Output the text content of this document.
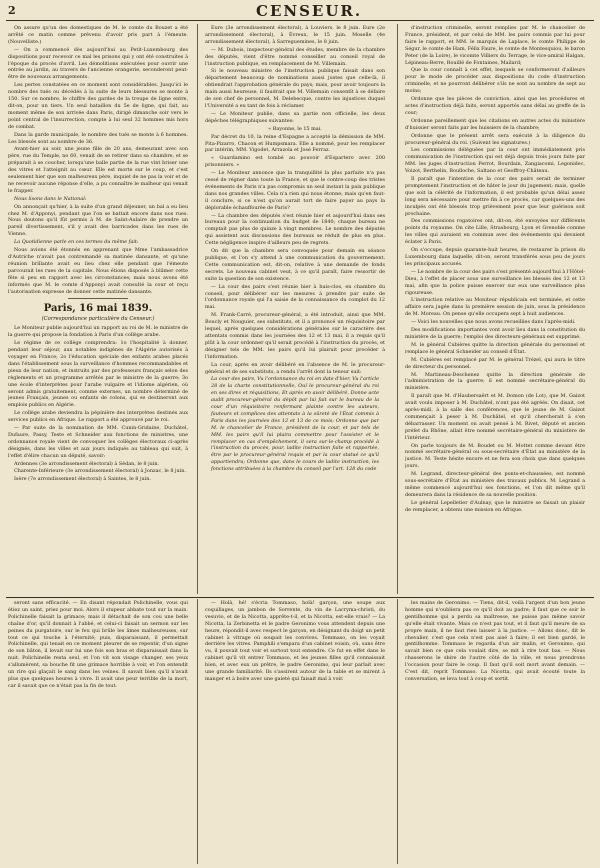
2	CENSEUR.

On assure qu'un des domestiques de M. le comte du Bouzet a été arrêté ce matin comme prévenu d'avoir pris part à l'émeute. (Nouvelliste.)

— On a commencé dès aujourd'hui au Petit-Luxembourg des dispositions pour recevoir ce mal les prisons qui y ont été construites à l'époque du procès d'avril. Les démolitions exécutées pour ouvrir une entrée au jardin, au travers de l'ancienne orangerie, seconderont peut-être de nouveaux arrangements.

Les pertes constatées en ce moment sont considérables. Jusqu'ici le nombre des tués ou décédés à la suite de leurs blessures se monte à 150. Sur ce nombre, le chiffre des gardes de la troupe de ligne entre, dit-on, pour un tiers. Un seul bataillon du 5e de ligne, qui fait, au moment même de son arrivée dans Paris, dirigé dimanche soir vers le point central de l'insurrection, compte à lui seul 32 hommes mis hors de combat.

Dans la garde municipale, le nombre des tués se monte à 6 hommes. Les blessés sont au nombre de 36.

Avant-hier au soir, une jeune fille de 20 ans, demeurant avec son père, rue du Temple, no 60, venait de se retirer dans sa chambre, et se préparait à se coucher, lorsqu'une balle partie de la rue vint briser une des vitres et l'atteignit au cœur. Elle est morte sur le coup, et c'est seulement hier que son malheureux père, inquiet de ne pas la voir et de ne recevoir aucune réponse d'elle, a pu connaître le malheur qui venait le frapper.

Nous lisons dans le National:

On annonçait qu'hier, à la suite d'un grand déjeuner, un bal a eu lieu chez M. d'Apponyi, pendant que l'on se battait encore dans nos rues. Nous doutons qu'il fût permis à M. de Saint-Aulaire de prendre un pareil divertissement, s'il y avait des barricades dans les rues de Vienne.

La Quotidienne parle en ces termes du même fait:

Nous avions été étonnés en apprenant que Mme l'ambassadrice d'Autriche n'avait pas contremandé sa matinée dansante, et qu'une réunion brillante avait eu lieu chez elle pendant que l'émeute parcourait les rues de la capitale. Nous étions disposés à blâmer cette fête si peu en rapport avec les circonstances; mais nous avons été informés que M. le comte d'Apponyi avait consulté la cour et reçu l'autorisation expresse de donner cette matinée dansante.

Paris, 16 mai 1839.
(Correspondance particulière du Censeur.)

Le Moniteur publie aujourd'hui un rapport au roi de M. le ministre de la guerre qui propose la fondation à Paris d'un collège arabe.

Le régime de ce collège comprendra: 1o l'hospitalité à donner, pendant leur séjour, aux notables indigènes de l'Algérie autorisés à voyager en France; 2o l'éducation spéciale des enfants arabes placés dans l'établissement sous la surveillance d'hommes recommandables et pieux de leur nation, et instruits par des professeurs français selon des règlements et un programme arrêtés par le ministre de la guerre; 3o une école d'interprètes pour l'arabe vulgaire et l'idiome algérien, où seront admis gratuitement, comme externes, un nombre déterminé de jeunes Français, jeunes ou enfants de colons, qui se destineront aux emplois publics en Algérie.

Le collège arabe deviendra la pépinière des interprètes destinés aux services publics en Afrique. Le rapport a été approuvé par le roi.

— Par suite de la nomination de MM. Cunin-Gridaine, Duchâtel, Dufaure, Passy, Teste et Schneider aux fonctions de ministres, une ordonnance royale vient de convoquer les collèges électoraux ci-après désignés, dans les villes et aux jours indiqués au tableau qui suit, à l'effet d'élire chacun un député, savoir:

Ardennes (3e arrondissement électoral) à Sédan, le 8 juin.

Charente-Inférieure (3e arrondissement électoral) à Jonzac, le 8 juin.

Isère (7e arrondissement électoral) à Saintes, le 8 juin.

Eure (3e arrondissement électoral), à Louviers, le 8 juin. Eure (2e arrondissement électoral), à Évreux, le 15 juin. Moselle (4e arrondissement électoral), à Sarreguemines, le 8 juin.

— M. Dubois, inspecteur-général des études, membre de la chambre des députés, vient d'être nommé conseiller au conseil royal de l'instruction publique, en remplacement de M. Villemain.

Si le nouveau ministre de l'instruction publique faisait dans son département beaucoup de nominations aussi justes que celle-là, il obtiendrait l'approbation générale du pays; mais, pour avoir toujours la main aussi heureuse, il faudrait que M. Villemain consentît à se défaire de son chef de personnel, M. Delebecque, contre les injustices duquel l'Université a eu tant de fois à réclamer.

— Le Moniteur publie, dans sa partie non officielle, les deux dépêches télégraphiques suivantes:

« Bayonne, le 15 mai.

Par décret du 10, la reine d'Espagne a accepté la démission de MM. Pita-Pizarro, Chacon et Humpsmara. Elle a nommé, pour les remplacer par intérim, MM. Vigodet, Arrazola et José Ferraz.

« Guardamino est tombé au pouvoir d'Espartero avec 200 prisonniers. »

— Le Moniteur annonce que la tranquillité la plus parfaite n'a pas cessé de régner dans toute la France, et que le contre-coup des tristes événements de Paris n'a pas compromis un seul instant la paix publique dans nos grandes villes. Cela n'a rien qui nous étonne; mais qu'en faut-il conclure, si ce n'est qu'on aurait tort de faire payer au pays la déplorable échauffourée de Paris?

— La chambre des députés s'est réunie hier et aujourd'hui dans ses bureaux pour la continuation du budget de 1840; chaque bureau ne comptait pas plus de quinze à vingt membres. Le nombre des députés qui assistent aux discussions des bureaux se réduit de plus en plus. Cette négligence inspire d'ailleurs peu de regrets.

On dit que la chambre sera convoquée pour demain en séance publique, et l'on s'y attend à une communication du gouvernement. Cette communication est, dit-on, relative à une demande de fonds secrets. Le nouveau cabinet veut, à ce qu'il paraît, faire ressortir de suite la question de son existence.

— La cour des pairs s'est réunie hier à huis-clos, en chambre du conseil, pour délibérer sur les mesures à prendre par suite de l'ordonnance royale qui l'a saisie de la connaissance du complot du 12 mai.

M. Frank-Carré, procureur-général, a été introduit, ainsi que MM. Boucly et Nouguier, ses substituts, et il a prononcé un réquisitoire par lequel, après quelques considérations générales sur le caractère des attentats commis dans les journées des 12 et 13 mai, il a requis qu'il plût à la cour ordonner qu'il serait procédé à l'instruction du procès, et désigner tels de MM. les pairs qu'il lui plairait pour procéder à l'information.

La cour, après en avoir délibéré en l'absence de M. le procureur-général et de ses substituts, a rendu l'arrêt dont la teneur suit:

La cour des pairs, Vu l'ordonnance du roi en date d'hier, Vu l'article 28 de la charte constitutionnelle, Ouï le procureur-général du roi en ses dires et réquisitions, Et après en avoir délibéré, Donne acte audit procureur-général du dépôt par lui fait sur le bureau de la cour d'un réquisitoire renfermant plainte contre les auteurs, fauteurs et complices des attentats à la sûreté de l'État commis à Paris dans les journées des 12 et 13 de ce mois; Ordonne que par M. le chancelier de France, président de la cour, et par tels de MM. les pairs qu'il lui plaira commettre pour l'assister et le remplacer en cas d'empêchement, il sera sur-le-champ procédé à l'instruction du procès, pour, ladite instruction faite et rapportée, être par le procureur-général requis et par la cour statué ce qu'il appartiendra; Ordonne que, dans le cours de ladite instruction, les fonctions attribuées à la chambre du conseil par l'art. 128 du code

d'instruction criminelle, seront remplies par M. le chancelier de France, président, et par celui de MM. les pairs commis par lui pour faire le rapport, et MM. le marquis de Laplace, le comte Philippe de Ségur, le comte de Ham, Félix Faure, le comte de Montesquiou, le baron Peter (de la Loire), le vicomte Villiers du Terrage, le vice-amiral Halgan, Lépineau-Berre, Rouillé de Fontaines, Mailard;

Que la cour connaît à cet effet, lesquels se conformeront d'ailleurs pour le mode de procéder aux dispositions du code d'instruction criminelle, et ne pourront délibérer s'ils ne sont au nombre de sept au moins;

Ordonne que les pièces de conviction, ainsi que les procédures et actes d'instruction déjà faits, seront apportés sans délai au greffe de la cour;

Ordonne pareillement que les citations en autres actes du ministère d'huissier seront faits par les huissiers de la chambre;

Ordonne que le présent arrêt sera exécuté à la diligence du procureur-général du roi. (Suivent les signatures.)

Les commissions déléguées par la cour ont immédiatement pris communication de l'instruction qui est déjà depuis trois jours faite par MM. les juges d'instruction Perrot, Bourdain, Zangiacomi, Legonidec, Voizot, Berthelin, Boulloche, Saltano et Geoffroy-Château.

Il paraît que l'intention de la cour des pairs serait de terminer promptement l'instruction et de hâter le jour du jugement; mais, quelle que soit la célérité de l'information, il est probable qu'un délai assez long sera nécessaire pour mettre fin à ce procès, car quelques-uns des inculpés ont été blessés trop grièvement pour que leur guérison soit prochaine.

Des commissions rogatoires ont, dit-on, été envoyées sur différents points du royaume. On cite Lille, Strasbourg, Lyon et Grenoble comme les villes qui auraient en commun avec des événements qui devaient éclater à Paris.

On s'occupe, depuis quarante-huit heures, de restaurer la prison du Luxembourg dans laquelle, dit-on, seront transférés sous peu de jours les principaux accusés.

— Le nombre de la cour des pairs s'est présenté aujourd'hui à l'Hôtel-Dieu, à l'effet de placer sous une surveillance les blessés des 12 et 13 mai, afin que la police puisse exercer sur eux une surveillance plus rigoureuse.

L'instruction relative au Moniteur républicain est terminée, et cette affaire sera jugée dans la première session de juin, sous la présidence de M. Moreau. On pense qu'elle occupera sept à huit audiences.

— Voici les nouvelles que nous avons recueillies dans l'après-midi.

Des modifications importantes vont avoir lieu dans la constitution du ministère de la guerre; l'emploi des directeurs-généraux est supprimé.

M. le général Cubières quitte la direction générale du personnel et remplace le général Schneider au conseil d'État.

M. Cubières est remplacé par M. le général Trézel, qui aura le titre de directeur du personnel.

M. Martineau-Deschenez quitte la direction générale de l'administration de la guerre; il est nommé secrétaire-général du ministère.

Il paraît que M. d'Haubersaërt et M. Domon (de Lot), que M. Gaizot avait voulu imposer à M. Duchâtel, n'ont pas été agréés. On disait, cet après-midi, à la salle des conférences, que le jeune de M. Gaizot commençait à peser à M. Duchâtel, et qu'il chercherait à s'en débarrasser. Un moment on avait pensé à M. Rivet, député et ancien préfet du Rhône, allait être nommé secrétaire-général du ministère de l'intérieur.

On parle toujours de M. Boudet ou M. Mottet comme devant être nommé secrétaire-général ou sous-secrétaire d'État au ministère de la justice. M. Teste hésite encore et ne fera son choix que dans quelques jours.

M. Legrand, directeur-général des ponts-et-chaussées, est nommé sous-secrétaire d'État au ministère des travaux publics. M. Legrand a même commencé aujourd'hui ses fonctions, et l'on dit même qu'il demeurera dans la résidence de sa nouvelle position.

Le général Lepelletier d'Aulnay, que le ministre se faisait un plaisir de remplacer, a obtenu une mission en Afrique.

seront sans efficacité. — En disant répondait Polichinelle, vous qui étiez un saint, priez pour moi. Alors il stupeur abbate tout sur la main. Polichinelle faisait la grimace; mais il détachait de son cou une belle chaîne d'or, qu'il donnait à l'abbé, et celui-ci faisait un sermon sur les peines du purgatoire, sur le feu qui brûle les âmes malheureuses, sur tout ce qui touche à l'éternité; puis, disparaissant, il permettait Polichinelle, qui tenait en ce moment pleurer de se repentir, d'un signe de son bâton, il levait sur lui une fois son bras et disparaissait dans la nuit. Polichinelle resta seul, et l'on vit son visage changer, ses yeux s'allumèrent, sa bouche fit une grimace horrible à voir, et l'on entendit un rire qui glaçait le sang dans les veines. Il savait bien qu'il n'avait plus que quelques heures à vivre. Il avait une peur terrible de la mort, car il savait que ce n'était pas la fin de tout.

— Holà, hé! s'écria Tommaso, holà! garçon, une soupe aux coquillages, un jambon de Sorrente, du vin de Lacryma-christi, du vesuvio, et de la Nicotta, apprête-t-il, et la Nicotta, est-elle vrais? — La Nicotta, la Zerbinetta et le padre Geronimo vous attendent depuis une heure, répondit-il avec respect le garçon, en désignant du doigt un petit cabinet à vitrage où soupait les convives. Tommaso, on les voyait derrière les vitres. Pamphili s'empara d'un cabinet voisin, où, sans être vu, il pouvait tout voir et surtout tout entendre. Ce fut en effet dans le cabinet qu'il vit entrer Tommaso, et les jeunes filles qu'il connaissait bien, et avec eux un prêtre, le padre Geronimo, qui leur parlait avec une grande familiarité. Ils s'assirent autour de la table et se mirent à manger et à boire avec une gaieté qui faisait mal à voir.

les mains de Geronimo. — Tiens, dit-il, voilà l'argent d'un bon jeune homme qui n'oubliera pas ce qu'il doit au padre; il faut que ce soir le gentilhomme qui a perdu sa maîtresse, ne puisse pas même savoir qu'elle était vivante. Mais ce n'est pas tout, et il faut qu'il meure de sa propre main, il ne faut rien laisser à la justice. — Allons donc, dit le chevalier, c'est que cela n'est pas aisé à faire; il est bien gardé, le gentilhomme. Tommaso le regarda d'un air malin, et Geronimo, qui savait bien ce que cela voulait dire, se mit à rire tout bas. — Nous chasserons le sbire de l'autre côté de la ville, et nous prendrons l'occasion pour faire le coup. Il faut qu'il soit mort avant demain. — C'est dit, reprit Tommaso. La Nicotta, qui avait écouté toute la conversation, se leva tout à coup et sortit.
